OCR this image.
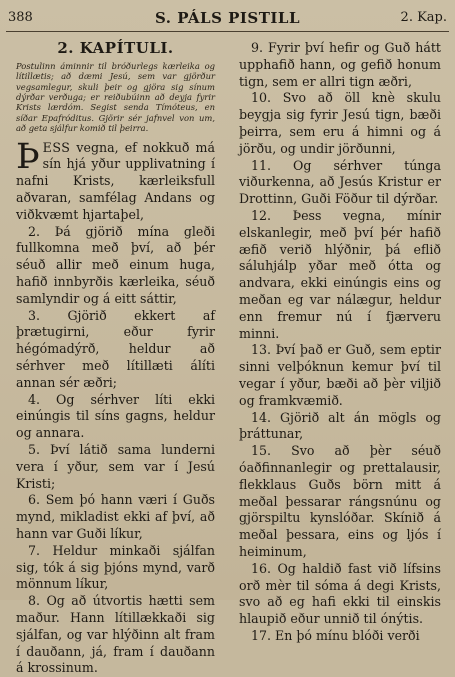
388	S. PÁLS PISTILL	2. Kap.
2. KAPÍTULI.
Postulinn áminnir til bróðurlegs kærleika og lítillætis; að dæmi Jesú, sem var gjörður vegsamlegur, skuli þeir og gjöra sig sínum dýrðar verðuga; er reiðubúinn að deyja fyrir Krists lærdóm. Segist senda Tímóteus, en síðar Epafróditus. Gjörir sér jafnvel von um, að geta sjálfur komið til þeirra.

ÞESS vegna, ef nokkuð má sín hjá yður upplivatning í nafni Krists, kærleiksfull aðvaran, samfélag Andans og viðkvæmt hjartaþel,

2. Þá gjörið mína gleði fullkomna með því, að þér séuð allir með einum huga, hafið innbyrðis kærleika, séuð samlyndir og á eitt sáttir,

3. Gjörið ekkert af þrætugirni, eður fyrir hégómadýrð, heldur að sérhver með lítillæti álíti annan sér æðri;

4. Og sérhver líti ekki einúngis til síns gagns, heldur og annara.

5. Því látið sama lunderni vera í yður, sem var í Jesú Kristi;

6. Sem þó hann væri í Guðs mynd, mikladist ekki af því, að hann var Guði líkur,

7. Heldur minkaði sjálfan sig, tók á sig þjóns mynd, varð mönnum líkur,

8. Og að útvortis hætti sem maður. Hann lítillækkaði sig sjálfan, og var hlýðinn alt fram í dauðann, já, fram í dauðann á krossinum.

9. Fyrir því hefir og Guð hátt upphafið hann, og gefið honum tign, sem er allri tign æðri,

10. Svo að öll knè skulu beygja sig fyrir Jesú tign, bæði þeirra, sem eru á himni og á jörðu, og undir jörðunni,

11. Og sérhver túnga viðurkenna, að Jesús Kristur er Drottinn, Guði Föður til dýrðar.

12. Þess vegna, mínir elskanlegir, með því þér hafið æfið verið hlýðnir, þá eflið sáluhjálp yðar með ótta og andvara, ekki einúngis eins og meðan eg var nálægur, heldur enn fremur nú í fjærveru minni.

13. Því það er Guð, sem eptir sinni velþóknun kemur því til vegar í yður, bæði að þèr viljið og framkvæmið.

14. Gjörið alt án mögls og þráttunar,

15. Svo að þèr séuð óaðfinnanlegir og prettalausir, flekklaus Guðs börn mitt á meðal þessarar rángsnúnu og gjörspiltu kynslóðar. Skínið á meðal þessara, eins og ljós í heiminum,

16. Og haldið fast við lífsins orð mèr til sóma á degi Krists, svo að eg hafi ekki til einskis hlaupið eður unnið til ónýtis.

17. En þó mínu blóði verði
